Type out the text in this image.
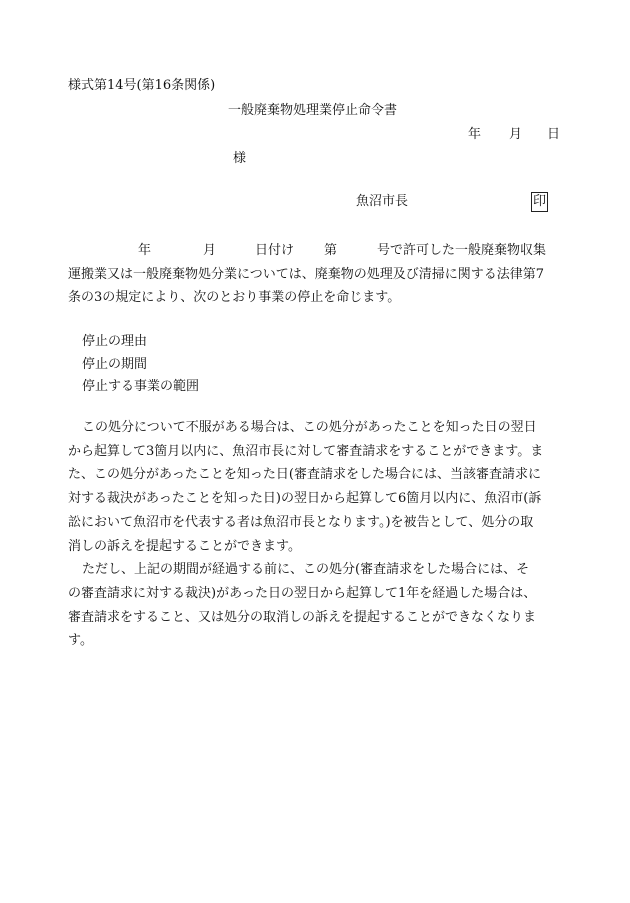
様式第14号(第16条関係)
一般廃棄物処理業停止命令書
年 月 日
様
魚沼市長	印
年	月	日付け 第	号で許可した一般廃棄物収集
運搬業又は一般廃棄物処分業については、廃棄物の処理及び清掃に関する法律第7
条の3の規定により、次のとおり事業の停止を命じます。
停止の理由
停止の期間
停止する事業の範囲
この処分について不服がある場合は、この処分があったことを知った日の翌日
から起算して3箇月以内に、魚沼市長に対して審査請求をすることができます。ま
た、この処分があったことを知った日(審査請求をした場合には、当該審査請求に
対する裁決があったことを知った日)の翌日から起算して6箇月以内に、魚沼市(訴
訟において魚沼市を代表する者は魚沼市長となります。)を被告として、処分の取
消しの訴えを提起することができます。
ただし、上記の期間が経過する前に、この処分(審査請求をした場合には、そ
の審査請求に対する裁決)があった日の翌日から起算して1年を経過した場合は、
審査請求をすること、又は処分の取消しの訴えを提起することができなくなりま
す。
